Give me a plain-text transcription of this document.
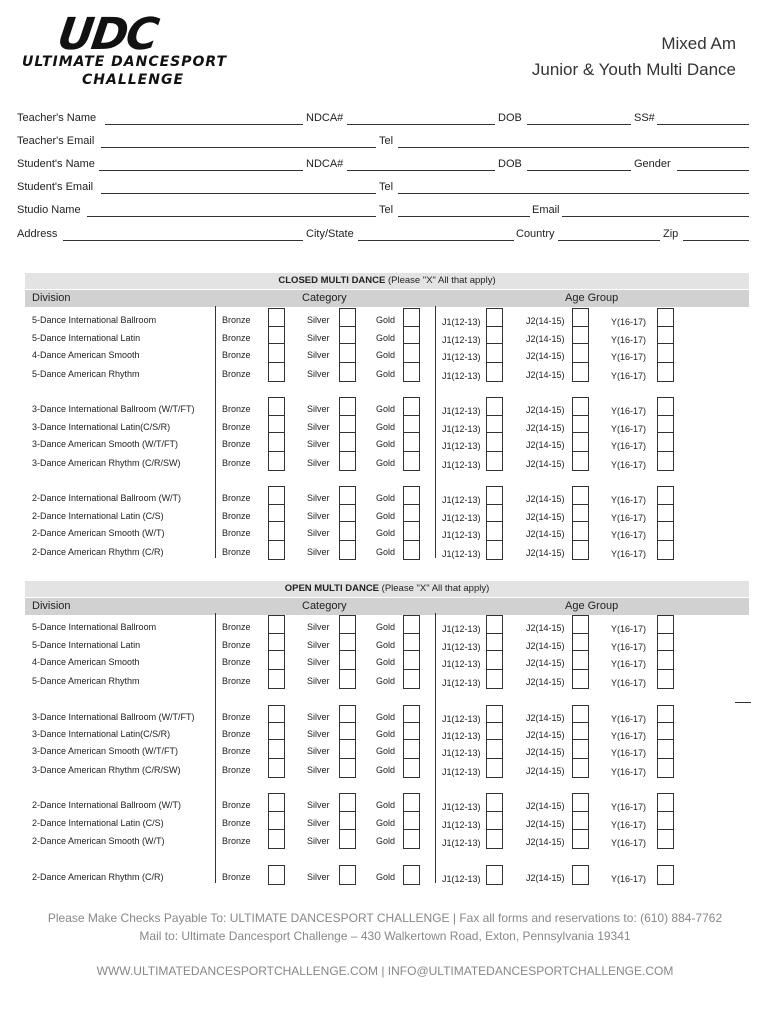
UDC
ULTIMATE DANCESPORT
CHALLENGE
Mixed Am
Junior & Youth Multi Dance
Teacher's Name	NDCA#	DOB	SS#
Teacher's Email	Tel
Student's Name	NDCA#	DOB	Gender
Student's Email	Tel
Studio Name	Tel	Email
Address	City/State	Country	Zip
CLOSED MULTI DANCE (Please "X" All that apply)
Division	Category	Age Group
5-Dance International Ballroom	Bronze	Silver	Gold	J1(12-13)	J2(14-15)	Y(16-17)
5-Dance International Latin	Bronze	Silver	Gold	J1(12-13)	J2(14-15)	Y(16-17)
4-Dance American Smooth	Bronze	Silver	Gold	J1(12-13)	J2(14-15)	Y(16-17)
5-Dance American Rhythm	Bronze	Silver	Gold	J1(12-13)	J2(14-15)	Y(16-17)
3-Dance International Ballroom (W/T/FT)	Bronze	Silver	Gold	J1(12-13)	J2(14-15)	Y(16-17)
3-Dance International Latin(C/S/R)	Bronze	Silver	Gold	J1(12-13)	J2(14-15)	Y(16-17)
3-Dance American Smooth (W/T/FT)	Bronze	Silver	Gold	J1(12-13)	J2(14-15)	Y(16-17)
3-Dance American Rhythm (C/R/SW)	Bronze	Silver	Gold	J1(12-13)	J2(14-15)	Y(16-17)
2-Dance International Ballroom (W/T)	Bronze	Silver	Gold	J1(12-13)	J2(14-15)	Y(16-17)
2-Dance International Latin (C/S)	Bronze	Silver	Gold	J1(12-13)	J2(14-15)	Y(16-17)
2-Dance American Smooth (W/T)	Bronze	Silver	Gold	J1(12-13)	J2(14-15)	Y(16-17)
2-Dance American Rhythm (C/R)	Bronze	Silver	Gold	J1(12-13)	J2(14-15)	Y(16-17)
OPEN MULTI DANCE (Please "X" All that apply)
Division	Category	Age Group
5-Dance International Ballroom	Bronze	Silver	Gold	J1(12-13)	J2(14-15)	Y(16-17)
5-Dance International Latin	Bronze	Silver	Gold	J1(12-13)	J2(14-15)	Y(16-17)
4-Dance American Smooth	Bronze	Silver	Gold	J1(12-13)	J2(14-15)	Y(16-17)
5-Dance American Rhythm	Bronze	Silver	Gold	J1(12-13)	J2(14-15)	Y(16-17)
3-Dance International Ballroom (W/T/FT)	Bronze	Silver	Gold	J1(12-13)	J2(14-15)	Y(16-17)
3-Dance International Latin(C/S/R)	Bronze	Silver	Gold	J1(12-13)	J2(14-15)	Y(16-17)
3-Dance American Smooth (W/T/FT)	Bronze	Silver	Gold	J1(12-13)	J2(14-15)	Y(16-17)
3-Dance American Rhythm (C/R/SW)	Bronze	Silver	Gold	J1(12-13)	J2(14-15)	Y(16-17)
2-Dance International Ballroom (W/T)	Bronze	Silver	Gold	J1(12-13)	J2(14-15)	Y(16-17)
2-Dance International Latin (C/S)	Bronze	Silver	Gold	J1(12-13)	J2(14-15)	Y(16-17)
2-Dance American Smooth (W/T)	Bronze	Silver	Gold	J1(12-13)	J2(14-15)	Y(16-17)
2-Dance American Rhythm (C/R)	Bronze	Silver	Gold	J1(12-13)	J2(14-15)	Y(16-17)
Please Make Checks Payable To: ULTIMATE DANCESPORT CHALLENGE | Fax all forms and reservations to: (610) 884-7762
Mail to: Ultimate Dancesport Challenge – 430 Walkertown Road, Exton, Pennsylvania 19341
WWW.ULTIMATEDANCESPORTCHALLENGE.COM | INFO@ULTIMATEDANCESPORTCHALLENGE.COM
